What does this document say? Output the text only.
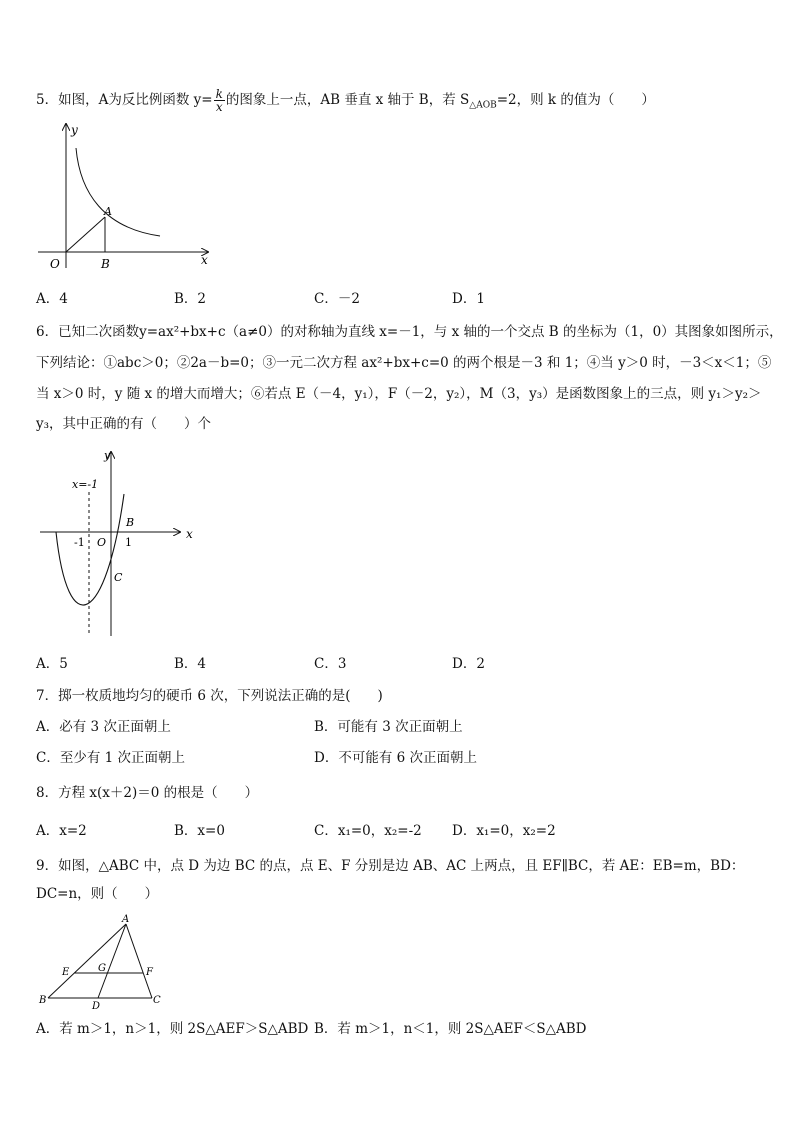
5．如图，A为反比例函数 $y= \frac{k}{x}$ 的图象上一点，AB 垂直 x 轴于 B，若 $S_{\triangle AOB}=2$，则 k 的值为（　　）
y
x
O
A
B
A．4	B．2	C．－2	D．1
6．已知二次函数y=ax²+bx+c（a≠0）的对称轴为直线 x=－1，与 x 轴的一个交点 B 的坐标为（1，0）其图象如图所示，
下列结论：①abc＞0；②2a－b=0；③一元二次方程 ax²+bx+c=0 的两个根是－3 和 1；④当 y＞0 时，－3＜x＜1；⑤
当 x＞0 时，y 随 x 的增大而增大；⑥若点 E（－4，y₁），F（－2，y₂），M（3，y₃）是函数图象上的三点，则 y₁＞y₂＞
y₃，其中正确的有（　　）个
y
x
x=-1
O
-1	1
B
C
A．5	B．4	C．3	D．2
7．掷一枚质地均匀的硬币 6 次，下列说法正确的是(　　)
A．必有 3 次正面朝上	B．可能有 3 次正面朝上
C．至少有 1 次正面朝上	D．不可能有 6 次正面朝上
8．方程 x(x＋2)＝0 的根是（　　）
A．x=2	B．x=0	C．x₁=0，x₂=-2 D．x₁=0，x₂=2
9．如图，△ABC 中，点 D 为边 BC 的点，点 E、F 分别是边 AB、AC 上两点，且 EF∥BC，若 AE：EB=m，BD：
DC=n，则（　　）
A
B	C
D
E	F
G
A．若 m＞1，n＞1，则 2S△AEF＞S△ABD B．若 m＞1，n＜1，则 2S△AEF＜S△ABD
